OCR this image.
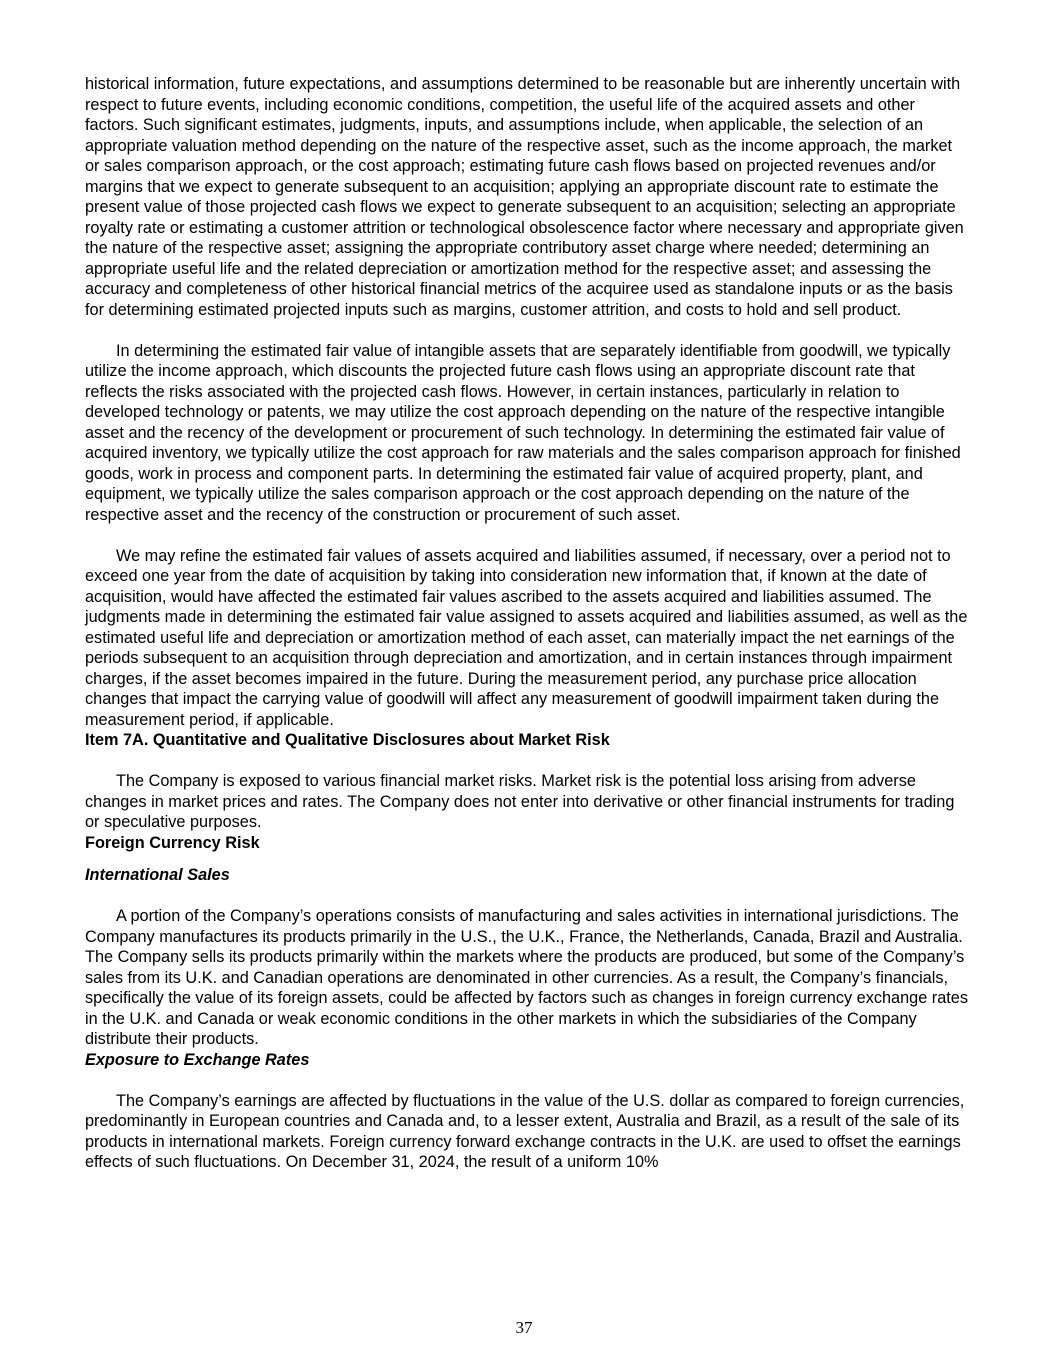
historical information, future expectations, and assumptions determined to be reasonable but are inherently uncertain with respect to future events, including economic conditions, competition, the useful life of the acquired assets and other factors. Such significant estimates, judgments, inputs, and assumptions include, when applicable, the selection of an appropriate valuation method depending on the nature of the respective asset, such as the income approach, the market or sales comparison approach, or the cost approach; estimating future cash flows based on projected revenues and/or margins that we expect to generate subsequent to an acquisition; applying an appropriate discount rate to estimate the present value of those projected cash flows we expect to generate subsequent to an acquisition; selecting an appropriate royalty rate or estimating a customer attrition or technological obsolescence factor where necessary and appropriate given the nature of the respective asset; assigning the appropriate contributory asset charge where needed; determining an appropriate useful life and the related depreciation or amortization method for the respective asset; and assessing the accuracy and completeness of other historical financial metrics of the acquiree used as standalone inputs or as the basis for determining estimated projected inputs such as margins, customer attrition, and costs to hold and sell product.

In determining the estimated fair value of intangible assets that are separately identifiable from goodwill, we typically utilize the income approach, which discounts the projected future cash flows using an appropriate discount rate that reflects the risks associated with the projected cash flows. However, in certain instances, particularly in relation to developed technology or patents, we may utilize the cost approach depending on the nature of the respective intangible asset and the recency of the development or procurement of such technology. In determining the estimated fair value of acquired inventory, we typically utilize the cost approach for raw materials and the sales comparison approach for finished goods, work in process and component parts. In determining the estimated fair value of acquired property, plant, and equipment, we typically utilize the sales comparison approach or the cost approach depending on the nature of the respective asset and the recency of the construction or procurement of such asset.

We may refine the estimated fair values of assets acquired and liabilities assumed, if necessary, over a period not to exceed one year from the date of acquisition by taking into consideration new information that, if known at the date of acquisition, would have affected the estimated fair values ascribed to the assets acquired and liabilities assumed. The judgments made in determining the estimated fair value assigned to assets acquired and liabilities assumed, as well as the estimated useful life and depreciation or amortization method of each asset, can materially impact the net earnings of the periods subsequent to an acquisition through depreciation and amortization, and in certain instances through impairment charges, if the asset becomes impaired in the future. During the measurement period, any purchase price allocation changes that impact the carrying value of goodwill will affect any measurement of goodwill impairment taken during the measurement period, if applicable.

Item 7A. Quantitative and Qualitative Disclosures about Market Risk

The Company is exposed to various financial market risks. Market risk is the potential loss arising from adverse changes in market prices and rates. The Company does not enter into derivative or other financial instruments for trading or speculative purposes.

Foreign Currency Risk

International Sales

A portion of the Company’s operations consists of manufacturing and sales activities in international jurisdictions. The Company manufactures its products primarily in the U.S., the U.K., France, the Netherlands, Canada, Brazil and Australia. The Company sells its products primarily within the markets where the products are produced, but some of the Company’s sales from its U.K. and Canadian operations are denominated in other currencies. As a result, the Company’s financials, specifically the value of its foreign assets, could be affected by factors such as changes in foreign currency exchange rates in the U.K. and Canada or weak economic conditions in the other markets in which the subsidiaries of the Company distribute their products.

Exposure to Exchange Rates

The Company’s earnings are affected by fluctuations in the value of the U.S. dollar as compared to foreign currencies, predominantly in European countries and Canada and, to a lesser extent, Australia and Brazil, as a result of the sale of its products in international markets. Foreign currency forward exchange contracts in the U.K. are used to offset the earnings effects of such fluctuations. On December 31, 2024, the result of a uniform 10%

37
